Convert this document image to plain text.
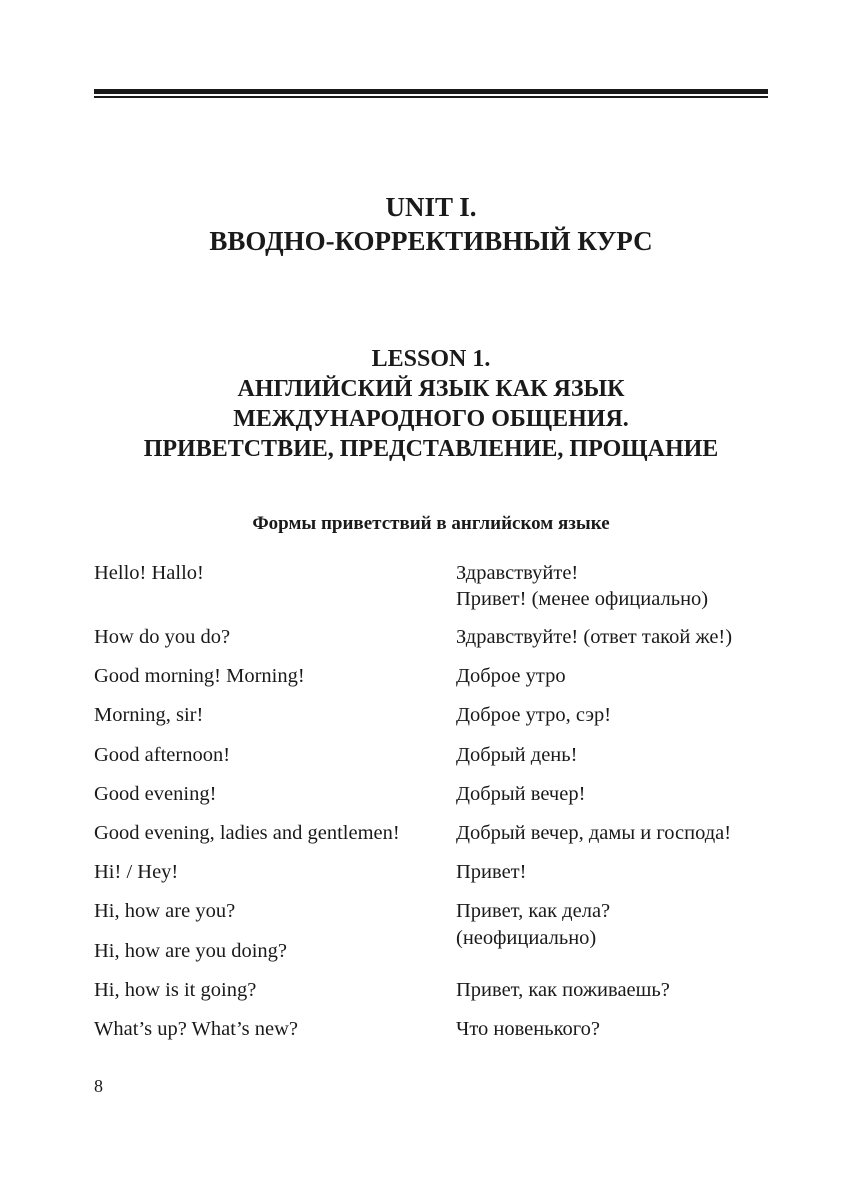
UNIT I.
ВВОДНО-КОРРЕКТИВНЫЙ КУРС
LESSON 1.
АНГЛИЙСКИЙ ЯЗЫК КАК ЯЗЫК
МЕЖДУНАРОДНОГО ОБЩЕНИЯ.
ПРИВЕТСТВИЕ, ПРЕДСТАВЛЕНИЕ, ПРОЩАНИЕ
Формы приветствий в английском языке
Hello! Hallo!	Здравствуйте!
Привет! (менее официально)
How do you do?	Здравствуйте! (ответ такой же!)
Good morning! Morning!	Доброе утро
Morning, sir!	Доброе утро, сэр!
Good afternoon!	Добрый день!
Good evening!	Добрый вечер!
Good evening, ladies and gentlemen!	Добрый вечер, дамы и господа!
Hi! / Hey!	Привет!
Hi, how are you?	Привет, как дела?
(неофициально)
Hi, how are you doing?
Hi, how is it going?	Привет, как поживаешь?
What’s up? What’s new?	Что новенького?
8
